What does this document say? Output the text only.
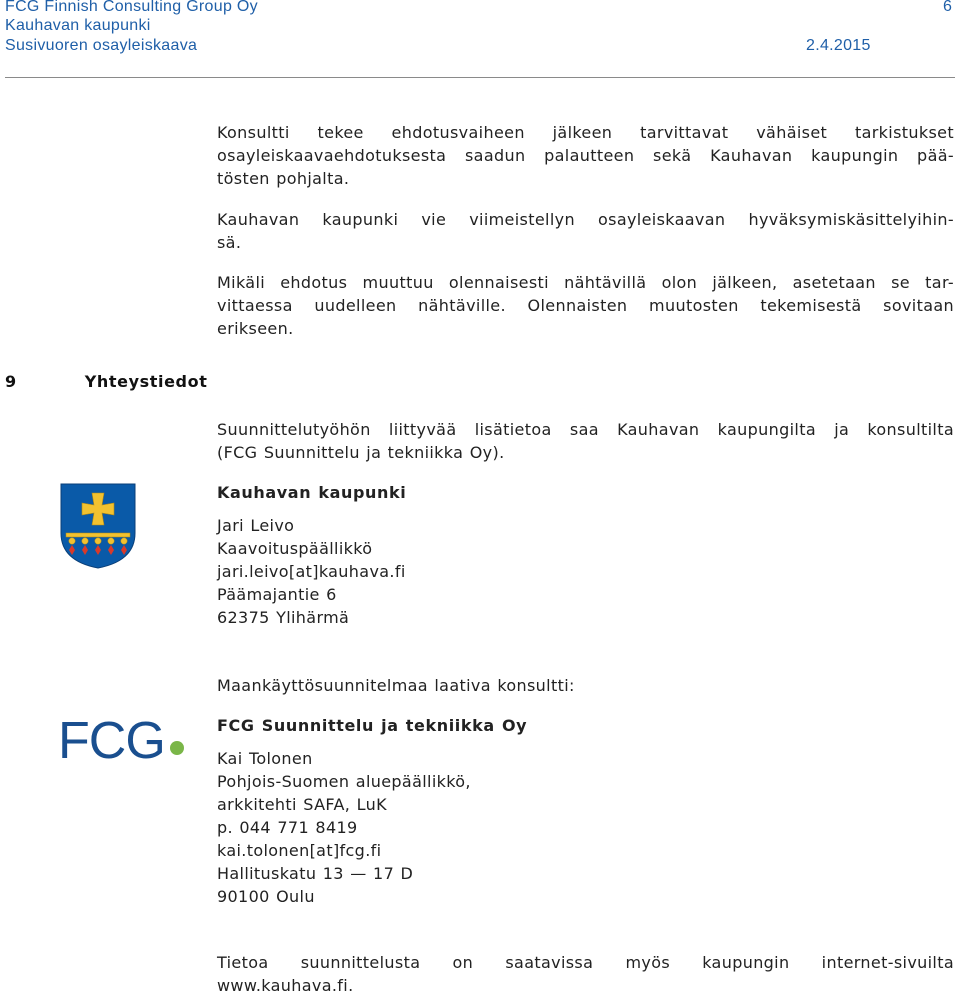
FCG Finnish Consulting Group Oy	6
Kauhavan kaupunki
Susivuoren osayleiskaava	2.4.2015
Konsultti tekee ehdotusvaiheen jälkeen tarvittavat vähäiset tarkistukset
osayleiskaavaehdotuksesta saadun palautteen sekä Kauhavan kaupungin pää-
tösten pohjalta.
Kauhavan kaupunki vie viimeistellyn osayleiskaavan hyväksymiskäsittelyihin-
sä.
Mikäli ehdotus muuttuu olennaisesti nähtävillä olon jälkeen, asetetaan se tar-
vittaessa uudelleen nähtäville. Olennaisten muutosten tekemisestä sovitaan
erikseen.
9	Yhteystiedot
Suunnittelutyöhön liittyvää lisätietoa saa Kauhavan kaupungilta ja konsultilta
(FCG Suunnittelu ja tekniikka Oy).
Kauhavan kaupunki
Jari Leivo
Kaavoituspäällikkö
jari.leivo[at]kauhava.fi
Päämajantie 6
62375 Ylihärmä
Maankäyttösuunnitelmaa laativa konsultti:
FCG	FCG Suunnittelu ja tekniikka Oy
Kai Tolonen
Pohjois-Suomen aluepäällikkö,
arkkitehti SAFA, LuK
p. 044 771 8419
kai.tolonen[at]fcg.fi
Hallituskatu 13 — 17 D
90100 Oulu
Tietoa suunnittelusta on saatavissa myös kaupungin internet-sivuilta
www.kauhava.fi.
